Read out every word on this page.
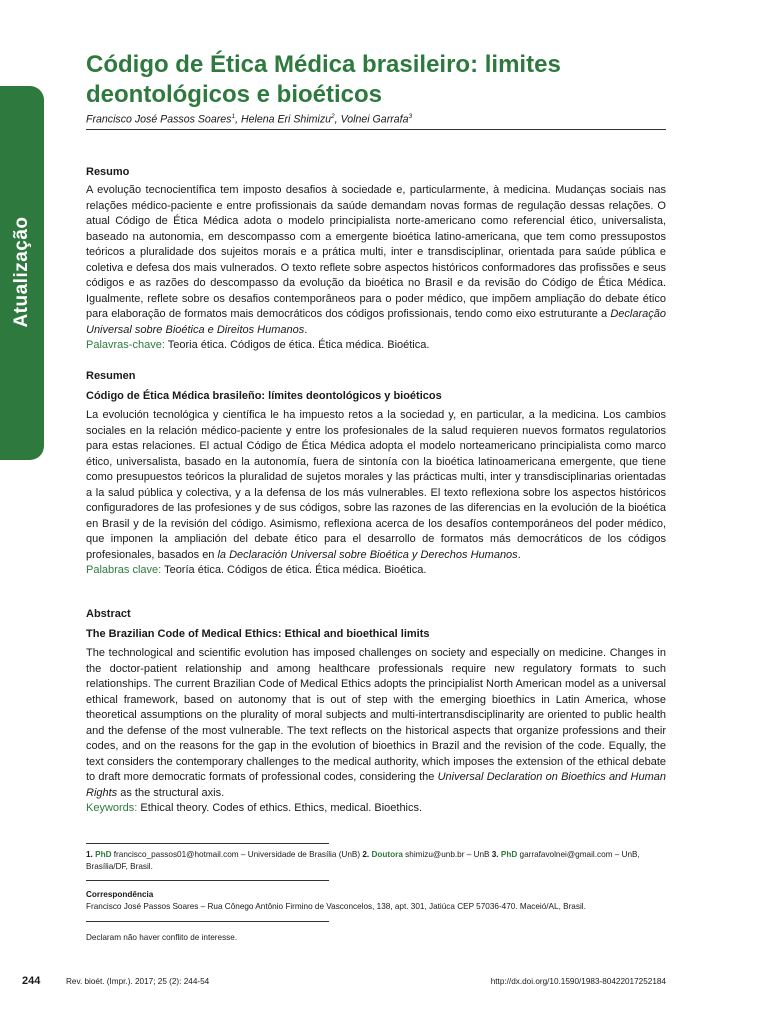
Atualização
Código de Ética Médica brasileiro: limites
deontológicos e bioéticos
Francisco José Passos Soares$^1$, Helena Eri Shimizu$^2$, Volnei Garrafa$^3$

Resumo

A evolução tecnocientífica tem imposto desafios à sociedade e, particularmente, à medicina. Mudanças sociais nas relações médico-paciente e entre profissionais da saúde demandam novas formas de regulação dessas relações. O atual Código de Ética Médica adota o modelo principialista norte-americano como referencial ético, universalista, baseado na autonomia, em descompasso com a emergente bioética latino-americana, que tem como pressupostos teóricos a pluralidade dos sujeitos morais e a prática multi, inter e transdisciplinar, orientada para saúde pública e coletiva e defesa dos mais vulnerados. O texto reflete sobre aspectos históricos conformadores das profissões e seus códigos e as razões do descompasso da evolução da bioética no Brasil e da revisão do Código de Ética Médica. Igualmente, reflete sobre os desafios contemporâneos para o poder médico, que impõem ampliação do debate ético para elaboração de formatos mais democráticos dos códigos profissionais, tendo como eixo estruturante a Declaração Universal sobre Bioética e Direitos Humanos.

Palavras-chave: Teoria ética. Códigos de ética. Ética médica. Bioética.

Resumen

Código de Ética Médica brasileño: límites deontológicos y bioéticos

La evolución tecnológica y científica le ha impuesto retos a la sociedad y, en particular, a la medicina. Los cambios sociales en la relación médico-paciente y entre los profesionales de la salud requieren nuevos formatos regulatorios para estas relaciones. El actual Código de Ética Médica adopta el modelo norteamericano principialista como marco ético, universalista, basado en la autonomía, fuera de sintonía con la bioética latinoamericana emergente, que tiene como presupuestos teóricos la pluralidad de sujetos morales y las prácticas multi, inter y transdisciplinarias orientadas a la salud pública y colectiva, y a la defensa de los más vulnerables. El texto reflexiona sobre los aspectos históricos configuradores de las profesiones y de sus códigos, sobre las razones de las diferencias en la evolución de la bioética en Brasil y de la revisión del código. Asimismo, reflexiona acerca de los desafíos contemporáneos del poder médico, que imponen la ampliación del debate ético para el desarrollo de formatos más democráticos de los códigos profesionales, basados en la Declaración Universal sobre Bioética y Derechos Humanos.

Palabras clave: Teoría ética. Códigos de ética. Ética médica. Bioética.

Abstract

The Brazilian Code of Medical Ethics: Ethical and bioethical limits

The technological and scientific evolution has imposed challenges on society and especially on medicine. Changes in the doctor-patient relationship and among healthcare professionals require new regulatory formats to such relationships. The current Brazilian Code of Medical Ethics adopts the principialist North American model as a universal ethical framework, based on autonomy that is out of step with the emerging bioethics in Latin America, whose theoretical assumptions on the plurality of moral subjects and multi-intertransdisciplinarity are oriented to public health and the defense of the most vulnerable. The text reflects on the historical aspects that organize professions and their codes, and on the reasons for the gap in the evolution of bioethics in Brazil and the revision of the code. Equally, the text considers the contemporary challenges to the medical authority, which imposes the extension of the ethical debate to draft more democratic formats of professional codes, considering the Universal Declaration on Bioethics and Human Rights as the structural axis.

Keywords: Ethical theory. Codes of ethics. Ethics, medical. Bioethics.

1. PhD francisco_passos01@hotmail.com – Universidade de Brasília (UnB) 2. Doutora shimizu@unb.br – UnB 3. PhD garrafavolnei@gmail.com – UnB, Brasília/DF, Brasil.
Correspondência
Francisco José Passos Soares – Rua Cônego Antônio Firmino de Vasconcelos, 138, apt. 301, Jatiúca CEP 57036-470. Maceió/AL, Brasil.
Declaram não haver conflito de interesse.
244	Rev. bioét. (Impr.). 2017; 25 (2): 244-54	http://dx.doi.org/10.1590/1983-80422017252184
